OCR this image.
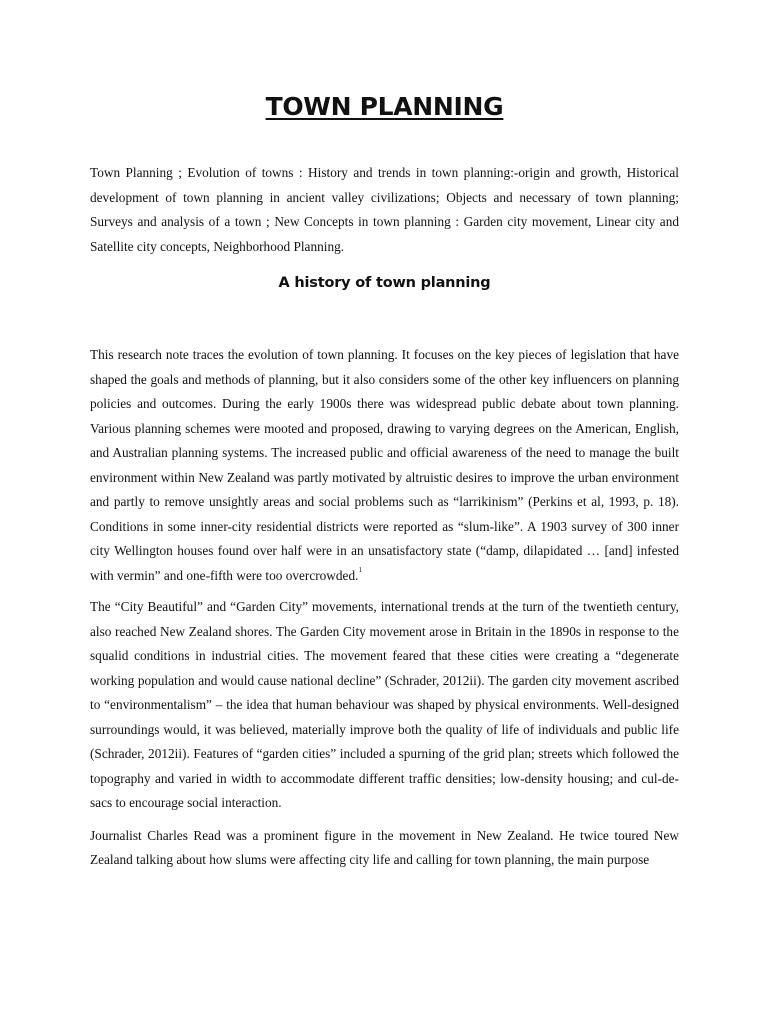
TOWN PLANNING

Town Planning ; Evolution of towns : History and trends in town planning:-origin and growth, Historical development of town planning in ancient valley civilizations; Objects and necessary of town planning; Surveys and analysis of a town ; New Concepts in town planning : Garden city movement, Linear city and Satellite city concepts, Neighborhood Planning.

A history of town planning

This research note traces the evolution of town planning. It focuses on the key pieces of legislation that have shaped the goals and methods of planning, but it also considers some of the other key influencers on planning policies and outcomes. During the early 1900s there was widespread public debate about town planning. Various planning schemes were mooted and proposed, drawing to varying degrees on the American, English, and Australian planning systems. The increased public and official awareness of the need to manage the built environment within New Zealand was partly motivated by altruistic desires to improve the urban environment and partly to remove unsightly areas and social problems such as “larrikinism” (Perkins et al, 1993, p. 18). Conditions in some inner-city residential districts were reported as “slum-like”. A 1903 survey of 300 inner city Wellington houses found over half were in an unsatisfactory state (“damp, dilapidated … [and] infested with vermin” and one-fifth were too overcrowded.$^1$

The “City Beautiful” and “Garden City” movements, international trends at the turn of the twentieth century, also reached New Zealand shores. The Garden City movement arose in Britain in the 1890s in response to the squalid conditions in industrial cities. The movement feared that these cities were creating a “degenerate working population and would cause national decline” (Schrader, 2012ii). The garden city movement ascribed to “environmentalism” – the idea that human behaviour was shaped by physical environments. Well-designed surroundings would, it was believed, materially improve both the quality of life of individuals and public life (Schrader, 2012ii). Features of “garden cities” included a spurning of the grid plan; streets which followed the topography and varied in width to accommodate different traffic densities; low-density housing; and cul-de-sacs to encourage social interaction.

Journalist Charles Read was a prominent figure in the movement in New Zealand. He twice toured New Zealand talking about how slums were affecting city life and calling for town planning, the main purpose
